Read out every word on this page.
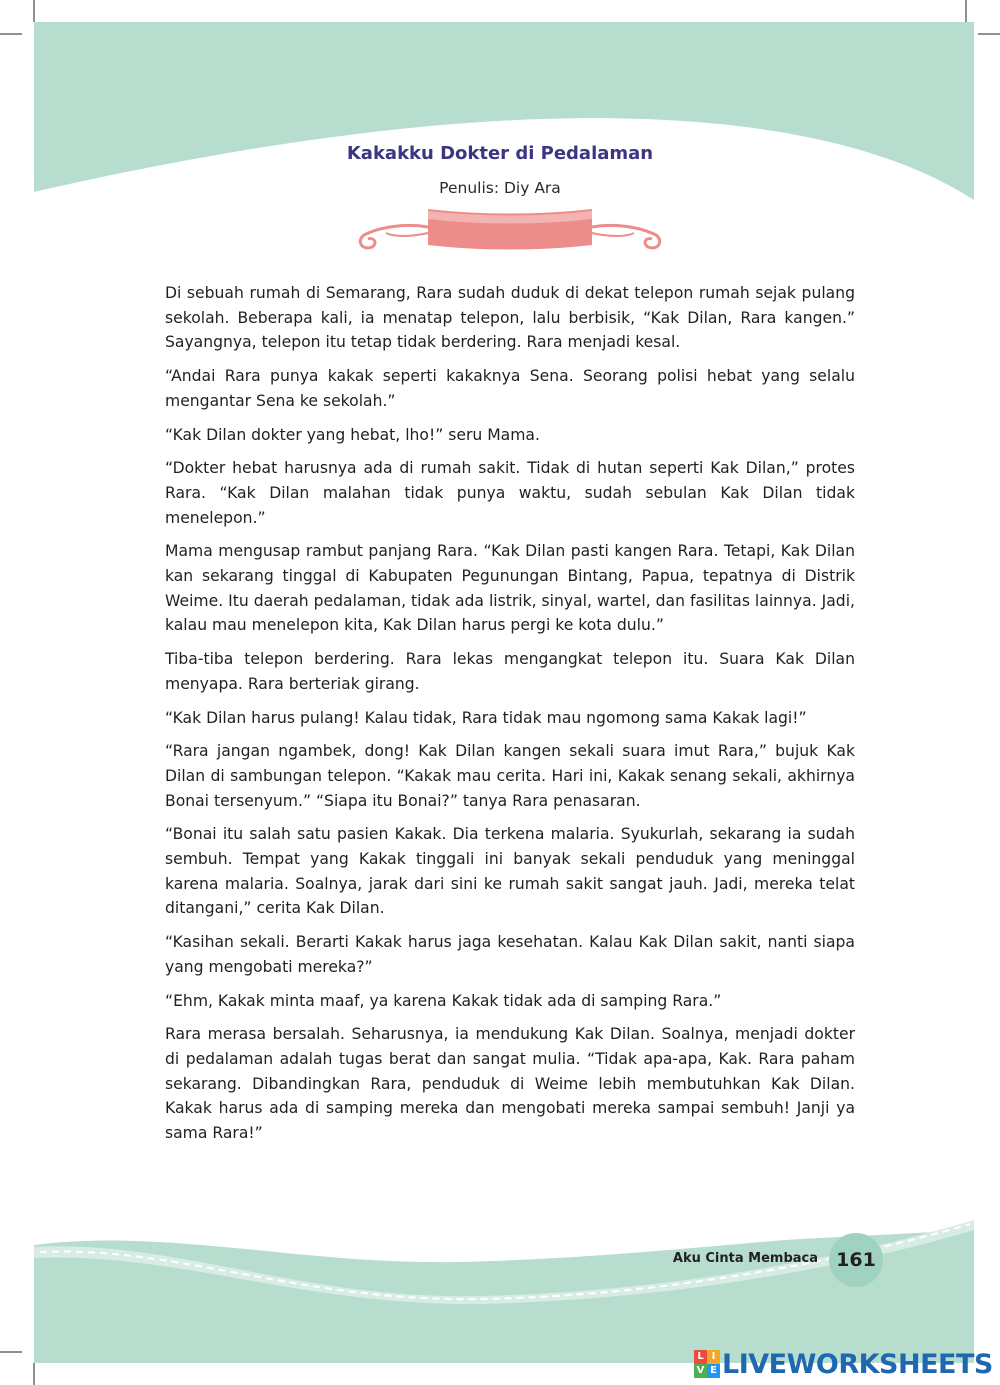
Kakakku Dokter di Pedalaman

Penulis: Diy Ara

Di sebuah rumah di Semarang, Rara sudah duduk di dekat telepon rumah sejak pulang sekolah. Beberapa kali, ia menatap telepon, lalu berbisik, “Kak Dilan, Rara kangen.” Sayangnya, telepon itu tetap tidak berdering. Rara menjadi kesal.

“Andai Rara punya kakak seperti kakaknya Sena. Seorang polisi hebat yang selalu mengantar Sena ke sekolah.”

“Kak Dilan dokter yang hebat, lho!” seru Mama.

“Dokter hebat harusnya ada di rumah sakit. Tidak di hutan seperti Kak Dilan,” protes Rara. “Kak Dilan malahan tidak punya waktu, sudah sebulan Kak Dilan tidak menelepon.”

Mama mengusap rambut panjang Rara. “Kak Dilan pasti kangen Rara. Tetapi, Kak Dilan kan sekarang tinggal di Kabupaten Pegunungan Bintang, Papua, tepatnya di Distrik Weime. Itu daerah pedalaman, tidak ada listrik, sinyal, wartel, dan fasilitas lainnya. Jadi, kalau mau menelepon kita, Kak Dilan harus pergi ke kota dulu.”

Tiba-tiba telepon berdering. Rara lekas mengangkat telepon itu. Suara Kak Dilan menyapa. Rara berteriak girang.

“Kak Dilan harus pulang! Kalau tidak, Rara tidak mau ngomong sama Kakak lagi!”

“Rara jangan ngambek, dong! Kak Dilan kangen sekali suara imut Rara,” bujuk Kak Dilan di sambungan telepon. “Kakak mau cerita. Hari ini, Kakak senang sekali, akhirnya Bonai tersenyum.” “Siapa itu Bonai?” tanya Rara penasaran.

“Bonai itu salah satu pasien Kakak. Dia terkena malaria. Syukurlah, sekarang ia sudah sembuh. Tempat yang Kakak tinggali ini banyak sekali penduduk yang meninggal karena malaria. Soalnya, jarak dari sini ke rumah sakit sangat jauh. Jadi, mereka telat ditangani,” cerita Kak Dilan.

“Kasihan sekali. Berarti Kakak harus jaga kesehatan. Kalau Kak Dilan sakit, nanti siapa yang mengobati mereka?”

“Ehm, Kakak minta maaf, ya karena Kakak tidak ada di samping Rara.”

Rara merasa bersalah. Seharusnya, ia mendukung Kak Dilan. Soalnya, menjadi dokter di pedalaman adalah tugas berat dan sangat mulia. “Tidak apa-apa, Kak. Rara paham sekarang. Dibandingkan Rara, penduduk di Weime lebih membutuhkan Kak Dilan. Kakak harus ada di samping mereka dan mengobati mereka sampai sembuh! Janji ya sama Rara!”

Aku Cinta Membaca 161
L I
V E LIVEWORKSHEETS
